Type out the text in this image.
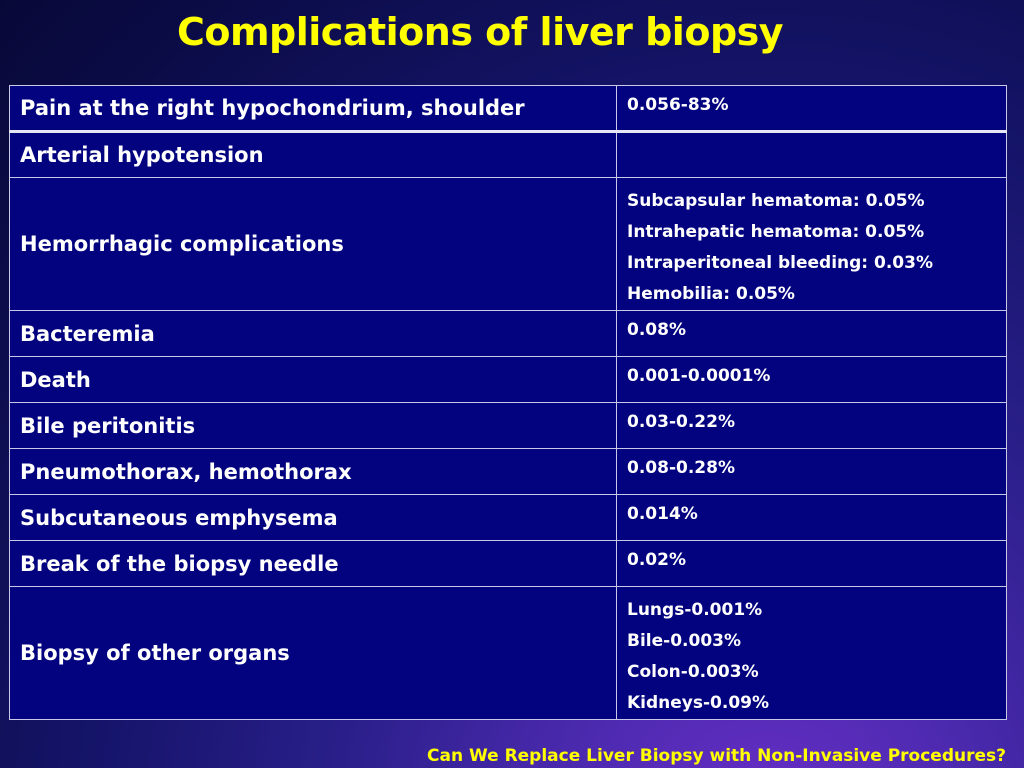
Complications of liver biopsy
Pain at the right hypochondrium, shoulder	0.056-83%

Arterial hypotension	
Hemorrhagic complications	Subcapsular hematoma: 0.05%
Intrahepatic hematoma: 0.05%
Intraperitoneal bleeding: 0.03%
Hemobilia: 0.05%

Bacteremia	0.08%

Death	0.001-0.0001%

Bile peritonitis	0.03-0.22%

Pneumothorax, hemothorax	0.08-0.28%

Subcutaneous emphysema	0.014%

Break of the biopsy needle	0.02%

Biopsy of other organs	Lungs-0.001%
Bile-0.003%
Colon-0.003%
Kidneys-0.09%
Can We Replace Liver Biopsy with Non-Invasive Procedures?
